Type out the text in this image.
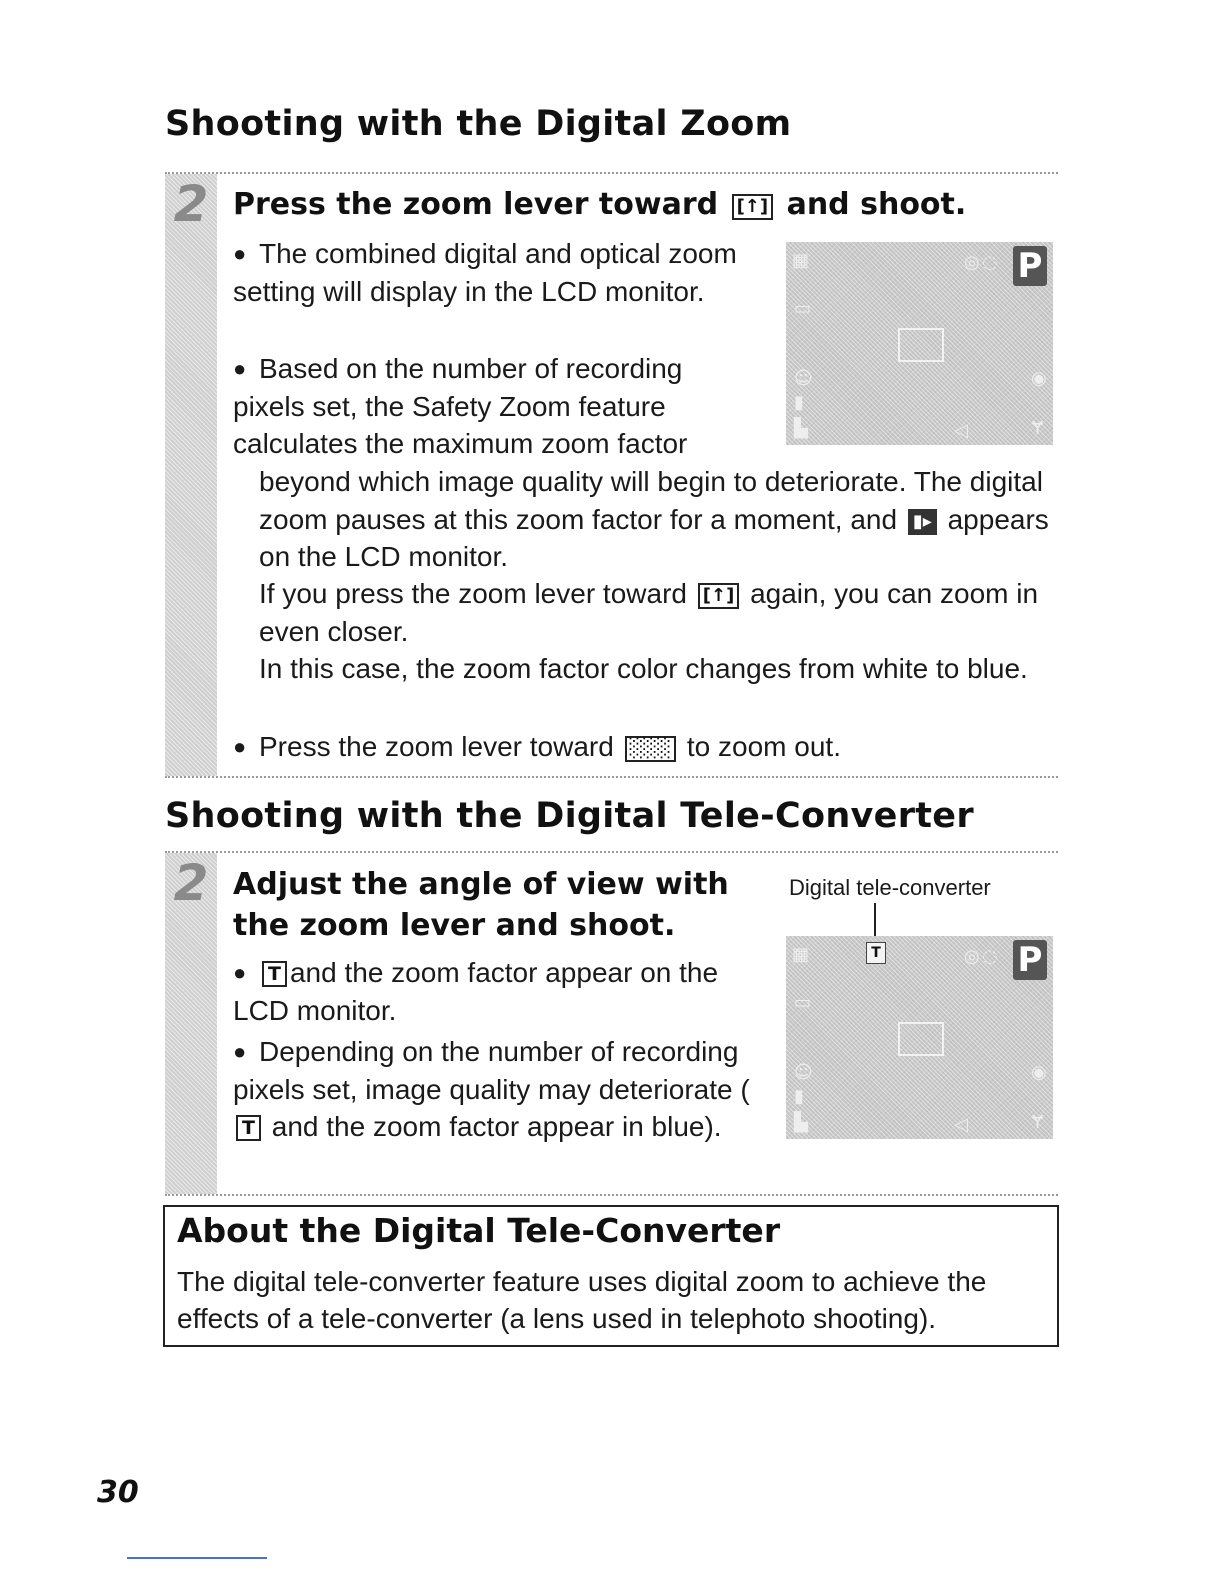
Shooting with the Digital Zoom
2 Press the zoom lever toward [↑] and shoot.

● The combined digital and optical zoom setting will display in the LCD monitor.
● Based on the number of recording pixels set, the Safety Zoom feature calculates the maximum zoom factor
beyond which image quality will begin to deteriorate. The digital zoom pauses at this zoom factor for a moment, and ▮▸ appears on the LCD monitor.
If you press the zoom lever toward [↑] again, you can zoom in even closer.
In this case, the zoom factor color changes from white to blue.
● Press the zoom lever toward ░░░ to zoom out.
P
▦
▭
☺
▮
▙
◎ ◌
◉
◁	Ɏ
Shooting with the Digital Tele-Converter
2 Adjust the angle of view with
the zoom lever and shoot.

● T and the zoom factor appear on the LCD monitor.
● Depending on the number of recording pixels set, image quality may deteriorate (T and the zoom factor appear in blue).
Digital tele-converter
P
T
▦
▭
☺
▮
▙
◎ ◌
◉
◁	Ɏ
About the Digital Tele-Converter
The digital tele-converter feature uses digital zoom to achieve the effects of a tele-converter (a lens used in telephoto shooting).
30
